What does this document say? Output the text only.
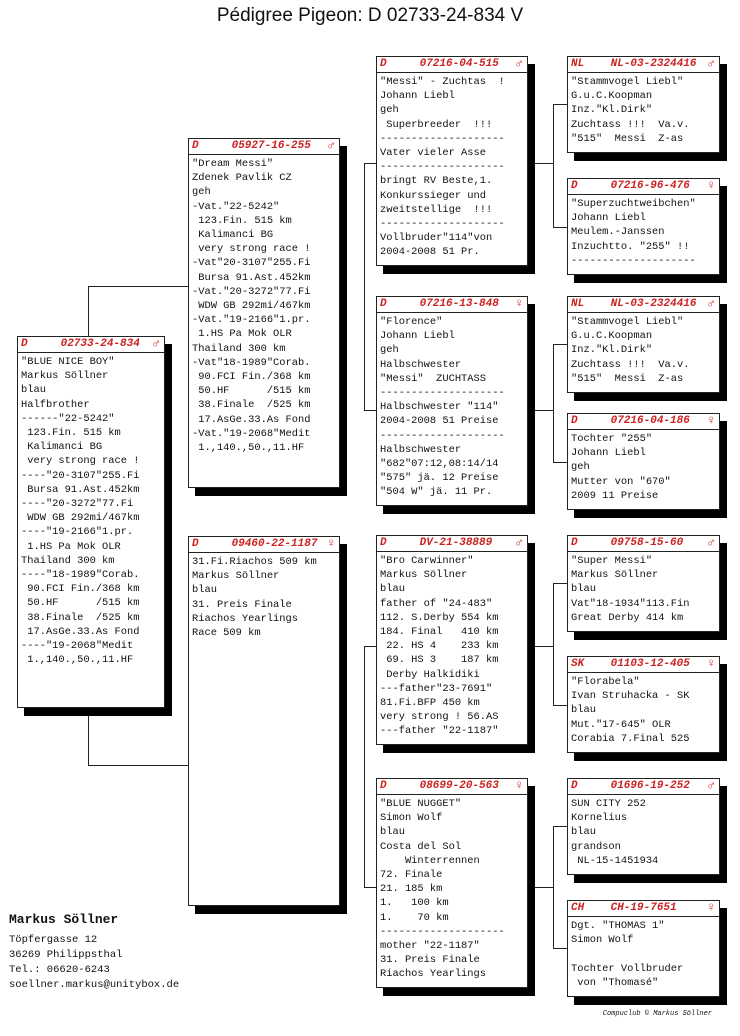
Pédigree Pigeon: D 02733-24-834 V
D     02733-24-834 ♂
"BLUE NICE BOY"
Markus Söllner
blau
Halfbrother
------"22-5242"
123.Fin. 515 km
Kalimanci BG
very strong race !
----"20-3107"255.Fi
Bursa 91.Ast.452km
----"20-3272"77.Fi
WDW GB 292mi/467km
----"19-2166"1.pr.
1.HS Pa Mok OLR
Thailand 300 km
----"18-1989"Corab.
90.FCI Fin./368 km
50.HF      /515 km
38.Finale  /525 km
17.AsGe.33.As Fond
----"19-2068"Medit
1.,140.,50.,11.HF
D     05927-16-255 ♂
"Dream Messi"
Zdenek Pavlik CZ
geh
-Vat."22-5242"
123.Fin. 515 km
Kalimanci BG
very strong race !
-Vat"20-3107"255.Fi
Bursa 91.Ast.452km
-Vat."20-3272"77.Fi
WDW GB 292mi/467km
-Vat."19-2166"1.pr.
1.HS Pa Mok OLR
Thailand 300 km
-Vat"18-1989"Corab.
90.FCI Fin./368 km
50.HF      /515 km
38.Finale  /525 km
17.AsGe.33.As Fond
-Vat."19-2068"Medit
1.,140.,50.,11.HF
D     09460-22-1187 ♀
31.Fi.Riachos 509 km
Markus Söllner
blau
31. Preis Finale
Riachos Yearlings
Race 509 km
D     07216-04-515 ♂
"Messi" - Zuchtas  !
Johann Liebl
geh
Superbreeder  !!!
--------------------
Vater vieler Asse
--------------------
bringt RV Beste,1.
Konkurssieger und
zweitstellige  !!!
--------------------
Vollbruder"114"von
2004-2008 51 Pr.
D     07216-13-848 ♀
"Florence"
Johann Liebl
geh
Halbschwester
"Messi"  ZUCHTASS
--------------------
Halbschwester "114"
2004-2008 51 Preise
--------------------
Halbschwester
"682"07:12,08:14/14
"575" jä. 12 Preise
"504 W" jä. 11 Pr.
D     DV-21-38889 ♂
"Bro Carwinner"
Markus Söllner
blau
father of "24-483"
112. S.Derby 554 km
184. Final   410 km
22. HS 4    233 km
69. HS 3    187 km
Derby Halkidiki
---father"23-7691"
81.Fi.BFP 450 km
very strong ! 56.AS
---father "22-1187"
D     08699-20-563 ♀
"BLUE NUGGET"
Simon Wolf
blau
Costa del Sol
Winterrennen
72. Finale
21. 185 km
1.   100 km
1.    70 km
--------------------
mother "22-1187"
31. Preis Finale
Riachos Yearlings
NL    NL-03-2324416 ♂
"Stammvogel Liebl"
G.u.C.Koopman
Inz."Kl.Dirk"
Zuchtass !!!  Va.v.
"515"  Messi  Z-as
D     07216-96-476 ♀
"Superzuchtweibchen"
Johann Liebl
Meulem.-Janssen
Inzuchtto. "255" !!
--------------------
NL    NL-03-2324416 ♂
"Stammvogel Liebl"
G.u.C.Koopman
Inz."Kl.Dirk"
Zuchtass !!!  Va.v.
"515"  Messi  Z-as
D     07216-04-186 ♀
Tochter "255"
Johann Liebl
geh
Mutter von "670"
2009 11 Preise
D     09758-15-60 ♂
"Super Messi"
Markus Söllner
blau
Vat"18-1934"113.Fin
Great Derby 414 km
SK    01103-12-405 ♀
"Florabela"
Ivan Struhacka - SK
blau
Mut."17-645" OLR
Corabia 7.Final 525
D     01696-19-252 ♂
SUN CITY 252
Kornelius
blau
grandson
NL-15-1451934
CH    CH-19-7651 ♀
Dgt. "THOMAS 1"
Simon Wolf

Tochter Vollbruder
von "Thomasé"
Markus Söllner
Töpfergasse 12
36269 Philippsthal
Tel.: 06620-6243
soellner.markus@unitybox.de
Compuclub © Markus Söllner
